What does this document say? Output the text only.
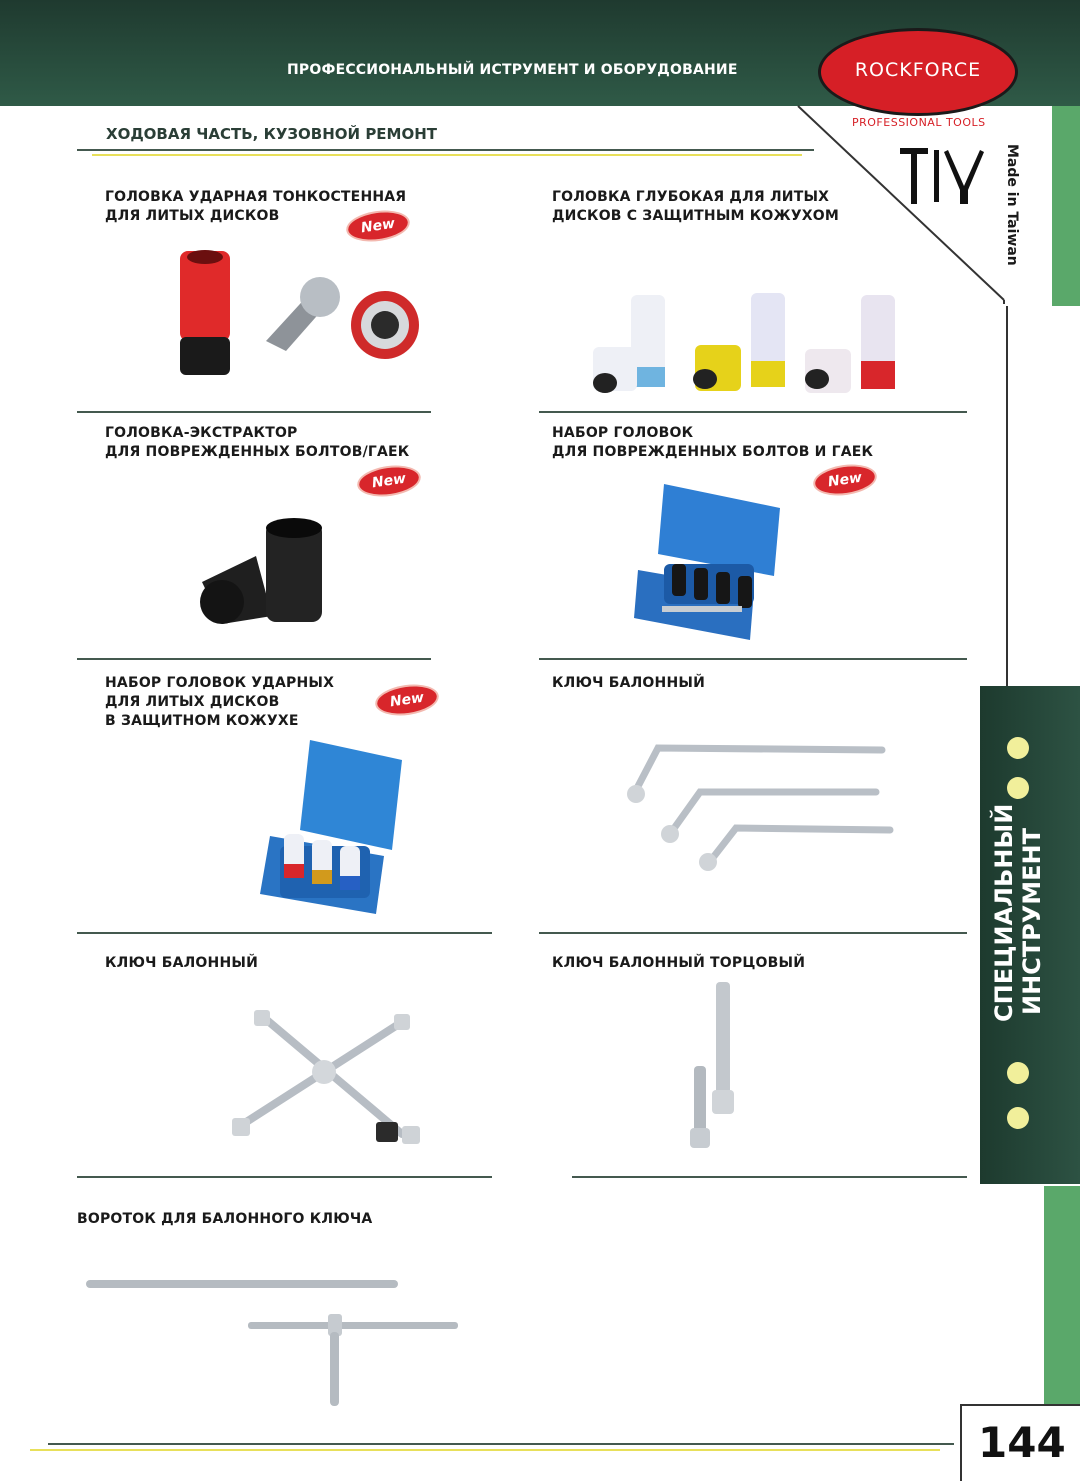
ПРОФЕССИОНАЛЬНЫЙ ИСТРУМЕНТ И ОБОРУДОВАНИЕ	ROCKFORCE
PROFESSIONAL TOOLS
Made in Taiwan
СПЕЦИАЛЬНЫЙ ИНСТРУМЕНТ
ХОДОВАЯ ЧАСТЬ, КУЗОВНОЙ РЕМОНТ
ГОЛОВКА УДАРНАЯ ТОНКОСТЕННАЯ
ДЛЯ ЛИТЫХ ДИСКОВ	New
ГОЛОВКА ГЛУБОКАЯ ДЛЯ ЛИТЫХ
ДИСКОВ С ЗАЩИТНЫМ КОЖУХОМ
ГОЛОВКА-ЭКСТРАКТОР
ДЛЯ ПОВРЕЖДЕННЫХ БОЛТОВ/ГАЕК
New
НАБОР ГОЛОВОК
ДЛЯ ПОВРЕЖДЕННЫХ БОЛТОВ И ГАЕК
New
НАБОР ГОЛОВОК УДАРНЫХ
ДЛЯ ЛИТЫХ ДИСКОВ
В ЗАЩИТНОМ КОЖУХЕ
New
КЛЮЧ БАЛОННЫЙ
КЛЮЧ БАЛОННЫЙ	КЛЮЧ БАЛОННЫЙ ТОРЦОВЫЙ
ВОРОТОК ДЛЯ БАЛОННОГО КЛЮЧА
144
